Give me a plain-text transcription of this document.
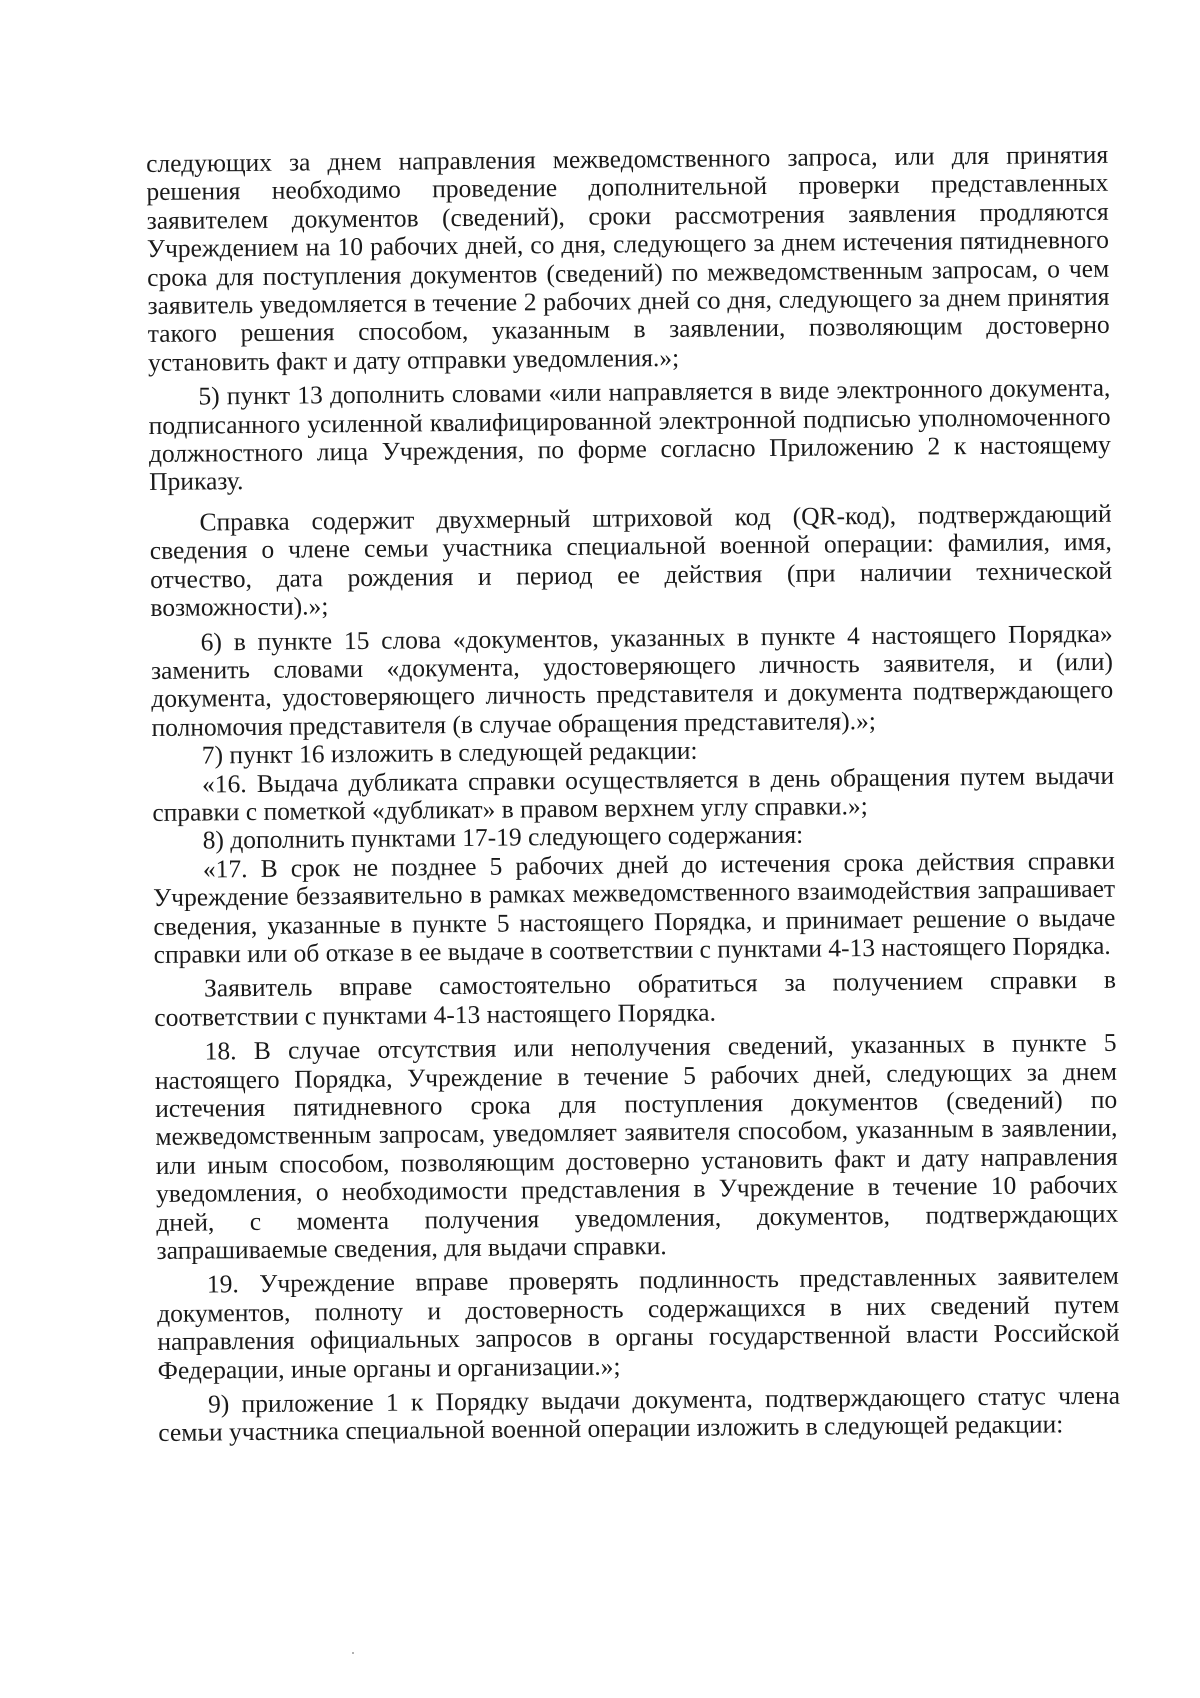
следующих за днем направления межведомственного запроса, или для принятия решения необходимо проведение дополнительной проверки представленных заявителем документов (сведений), сроки рассмотрения заявления продляются Учреждением на 10 рабочих дней, со дня, следующего за днем истечения пятидневного срока для поступления документов (сведений) по межведомственным запросам, о чем заявитель уведомляется в течение 2 рабочих дней со дня, следующего за днем принятия такого решения способом, указанным в заявлении, позволяющим достоверно установить факт и дату отправки уведомления.»;

5) пункт 13 дополнить словами «или направляется в виде электронного документа, подписанного усиленной квалифицированной электронной подписью уполномоченного должностного лица Учреждения, по форме согласно Приложению 2 к настоящему Приказу.

Справка содержит двухмерный штриховой код (QR-код), подтверждающий сведения о члене семьи участника специальной военной операции: фамилия, имя, отчество, дата рождения и период ее действия (при наличии технической возможности).»;

6) в пункте 15 слова «документов, указанных в пункте 4 настоящего Порядка» заменить словами «документа, удостоверяющего личность заявителя, и (или) документа, удостоверяющего личность представителя и документа подтверждающего полномочия представителя (в случае обращения представителя).»;

7) пункт 16 изложить в следующей редакции:

«16. Выдача дубликата справки осуществляется в день обращения путем выдачи справки с пометкой «дубликат» в правом верхнем углу справки.»;

8) дополнить пунктами 17-19 следующего содержания:

«17. В срок не позднее 5 рабочих дней до истечения срока действия справки Учреждение беззаявительно в рамках межведомственного взаимодействия запрашивает сведения, указанные в пункте 5 настоящего Порядка, и принимает решение о выдаче справки или об отказе в ее выдаче в соответствии с пунктами 4-13 настоящего Порядка.

Заявитель вправе самостоятельно обратиться за получением справки в соответствии с пунктами 4-13 настоящего Порядка.

18. В случае отсутствия или неполучения сведений, указанных в пункте 5 настоящего Порядка, Учреждение в течение 5 рабочих дней, следующих за днем истечения пятидневного срока для поступления документов (сведений) по межведомственным запросам, уведомляет заявителя способом, указанным в заявлении, или иным способом, позволяющим достоверно установить факт и дату направления уведомления, о необходимости представления в Учреждение в течение 10 рабочих дней, с момента получения уведомления, документов, подтверждающих запрашиваемые сведения, для выдачи справки.

19. Учреждение вправе проверять подлинность представленных заявителем документов, полноту и достоверность содержащихся в них сведений путем направления официальных запросов в органы государственной власти Российской Федерации, иные органы и организации.»;

9) приложение 1 к Порядку выдачи документа, подтверждающего статус члена семьи участника специальной военной операции изложить в следующей редакции:
